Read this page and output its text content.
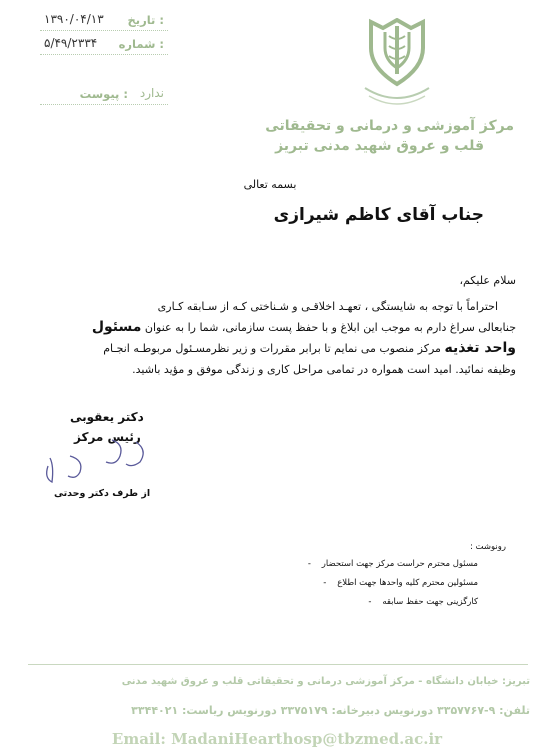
تاریخ :
۱۳۹۰/۰۴/۱۳
شماره :
۵/۴۹/۲۳۳۴
پیوست : ندارد
مرکز آموزشی و درمانی و تحقیقاتی
قلب و عروق شهید مدنی تبریز
بسمه تعالی
جناب آقای کاظم شیرازی
سلام علیکم،
احتراماً با توجه به شایستگی ، تعهـد اخلاقـی و شـناختی کـه از سـابقه کـاری
جنابعالی سراغ دارم به موجب این ابلاغ و با حفظ پست سازمانی، شما را به عنوان مسئول
واحد تغذیه مرکز منصوب می نمایم تا برابر مقررات و زیر نظرمسـئول مربوطـه انجـام
وظیفه نمائید. امید است همواره در تمامی مراحل کاری و زندگی موفق و مؤید باشید.
دکتر یعقوبی
رئیس مرکز
از طرف دکتر وحدتی
رونوشت :
مسئول محترم حراست مرکز جهت استحضار    -
مسئولین محترم کلیه واحدها جهت اطلاع    -
کارگزینی جهت حفظ سابقه    -
تبریز: خیابان دانشگاه - مرکز آموزشی درمانی و تحقیقاتی قلب و عروق شهید مدنی
تلفن: ۹-۳۳۵۷۷۶۷ دورنویس دبیرخانه: ۳۳۷۵۱۷۹ دورنویس ریاست: ۳۳۴۴۰۲۱
Email: MadaniHearthosp@tbzmed.ac.ir
